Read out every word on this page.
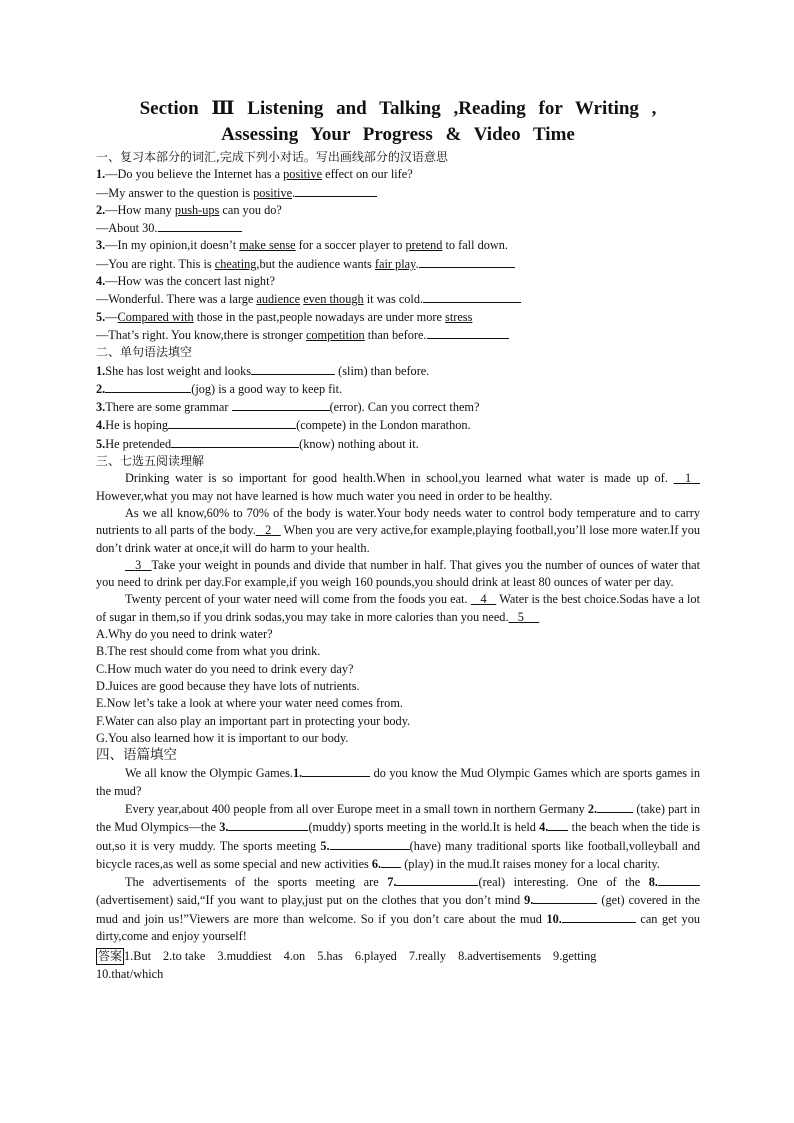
Section Ⅲ Listening and Talking ,Reading for Writing ,
Assessing Your Progress & Video Time
一、复习本部分的词汇,完成下列小对话。写出画线部分的汉语意思
1.—Do you believe the Internet has a positive effect on our life?
—My answer to the question is positive.
2.—How many push-ups can you do?
—About 30.
3.—In my opinion,it doesn’t make sense for a soccer player to pretend to fall down.
—You are right. This is cheating,but the audience wants fair play.
4.—How was the concert last night?
—Wonderful. There was a large audience even though it was cold.
5.—Compared with those in the past,people nowadays are under more stress
—That’s right. You know,there is stronger competition than before.
二、单句语法填空
1.She has lost weight and looks	(slim) than before.
2.	(jog) is a good way to keep fit.
3.There are some grammar	(error). Can you correct them?
4.He is hoping	(compete) in the London marathon.
5.He pretended	(know) nothing about it.
三、七选五阅读理解
Drinking water is so important for good health.When in school,you learned what water is made up of. 1   However,what you may not have learned is how much water you need in order to be healthy.
As we all know,60% to 70% of the body is water.Your body needs water to control body temperature and to carry nutrients to all parts of the body. 2    When you are very active,for example,playing football,you’ll lose more water.If you don’t drink water at once,it will do harm to your health.
3 Take your weight in pounds and divide that number in half. That gives you the number of ounces of water that you need to drink per day.For example,if you weigh 160 pounds,you should drink at least 80 ounces of water per day.
Twenty percent of your water need will come from the foods you eat. 4    Water is the best choice.Sodas have a lot of sugar in them,so if you drink sodas,you may take in more calories than you need. 5
A.Why do you need to drink water?
B.The rest should come from what you drink.
C.How much water do you need to drink every day?
D.Juices are good because they have lots of nutrients.
E.Now let’s take a look at where your water need comes from.
F.Water can also play an important part in protecting your body.
G.You also learned how it is important to our body.
四、语篇填空
We all know the Olympic Games.1.	do you know the Mud Olympic Games which are sports games in the mud?
Every year,about 400 people from all over Europe meet in a small town in northern Germany 2.	(take) part in the Mud Olympics—the 3.	(muddy) sports meeting in the world.It is held 4. the beach when the tide is out,so it is very muddy. The sports meeting 5.	(have) many traditional sports like football,volleyball and bicycle races,as well as some special and new activities 6. (play) in the mud.It raises money for a local charity.
The advertisements of the sports meeting are 7.	(real) interesting. One of the 8. (advertisement) said,“If you want to play,just put on the clothes that you don’t mind 9.	(get) covered in the mud and join us!”Viewers are more than welcome. So if you don’t care about the mud 10.	can get you dirty,come and enjoy yourself!
答案 1.But 2.to take 3.muddiest 4.on 5.has 6.played 7.really 8.advertisements 9.getting
10.that/which
